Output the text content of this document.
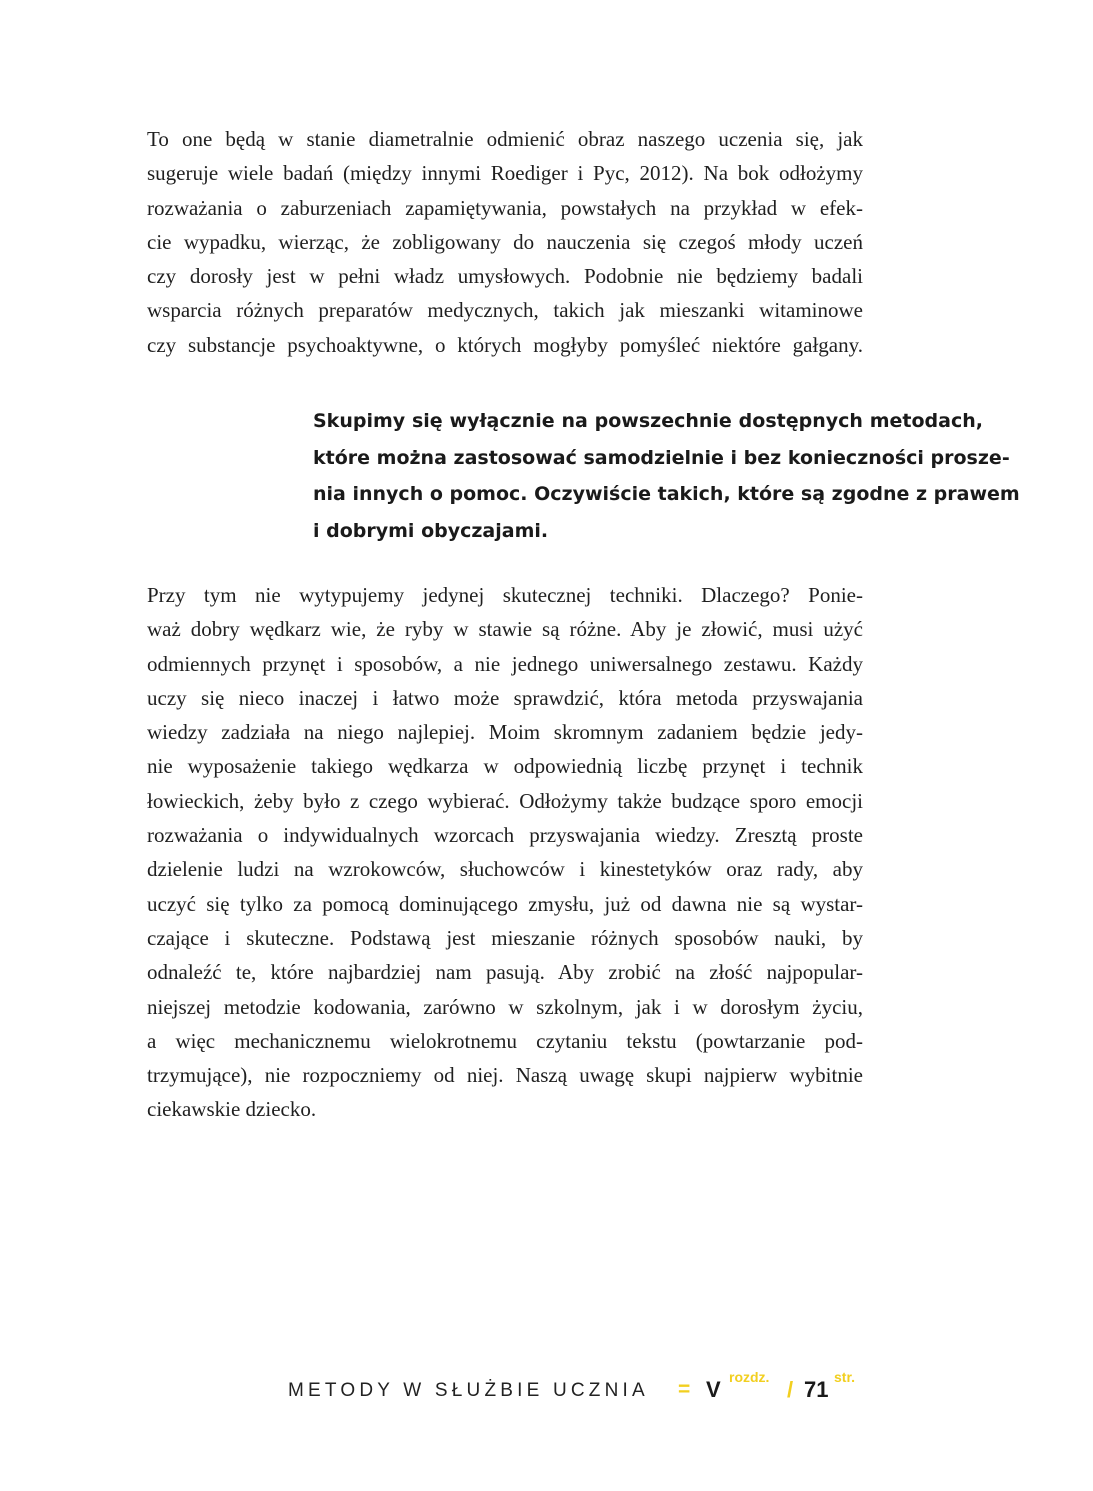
To one będą w stanie diametralnie odmienić obraz naszego uczenia się, jak
sugeruje wiele badań (między innymi Roediger i Pyc, 2012). Na bok odłożymy
rozważania o zaburzeniach zapamiętywania, powstałych na przykład w efek-
cie wypadku, wierząc, że zobligowany do nauczenia się czegoś młody uczeń
czy dorosły jest w pełni władz umysłowych. Podobnie nie będziemy badali
wsparcia różnych preparatów medycznych, takich jak mieszanki witaminowe
czy substancje psychoaktywne, o których mogłyby pomyśleć niektóre gałgany.
Skupimy się wyłącznie na powszechnie dostępnych metodach,
które można zastosować samodzielnie i bez konieczności prosze-
nia innych o pomoc. Oczywiście takich, które są zgodne z prawem
i dobrymi obyczajami.
Przy tym nie wytypujemy jedynej skutecznej techniki. Dlaczego? Ponie-
waż dobry wędkarz wie, że ryby w stawie są różne. Aby je złowić, musi użyć
odmiennych przynęt i sposobów, a nie jednego uniwersalnego zestawu. Każdy
uczy się nieco inaczej i łatwo może sprawdzić, która metoda przyswajania
wiedzy zadziała na niego najlepiej. Moim skromnym zadaniem będzie jedy-
nie wyposażenie takiego wędkarza w odpowiednią liczbę przynęt i technik
łowieckich, żeby było z czego wybierać. Odłożymy także budzące sporo emocji
rozważania o indywidualnych wzorcach przyswajania wiedzy. Zresztą proste
dzielenie ludzi na wzrokowców, słuchowców i kinestetyków oraz rady, aby
uczyć się tylko za pomocą dominującego zmysłu, już od dawna nie są wystar-
czające i skuteczne. Podstawą jest mieszanie różnych sposobów nauki, by
odnaleźć te, które najbardziej nam pasują. Aby zrobić na złość najpopular-
niejszej metodzie kodowania, zarówno w szkolnym, jak i w dorosłym życiu,
a więc mechanicznemu wielokrotnemu czytaniu tekstu (powtarzanie pod-
trzymujące), nie rozpoczniemy od niej. Naszą uwagę skupi najpierw wybitnie
ciekawskie dziecko.
METODY W SŁUŻBIE UCZNIA = V rozdz. / 71 str.
